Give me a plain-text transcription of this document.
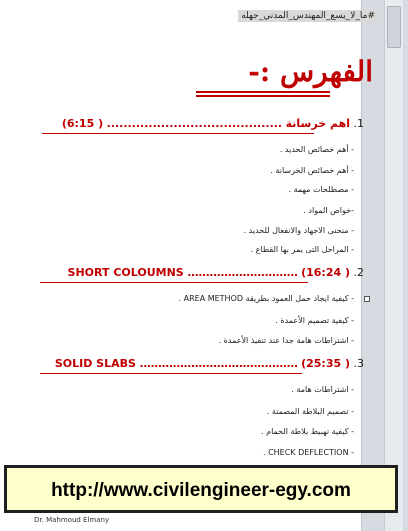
#ما_لا_يسع_المهندس_المدني_جهله
الفهرس :-
1. اهم خرسانة .......................................... ( 6:15)
- أهم خصائص الحديد .
- أهم خصائص الخرسانة .
- مصطلحات مهمة .
-خواص المواد .
- منحنى الاجهاد والانفعال للحديد .
- المراحل التى يمر بها القطاع .
2. SHORT COLOUMNS .............................. (16:24 )
- كيفية ايجاد حمل العمود بطريقة AREA METHOD .
- كيفية تصميم الأعمدة .
- اشتراطات هامة جدا عند تنفيذ الأعمدة .
3. SOLID SLABS ........................................... (25:35 )
- اشتراطات هامة .
- تصميم البلاطة المصمتة .
- كيفية تهبيط بلاطة الحمام .
- CHECK DEFLECTION .
Dr. Mahmoud Elmany
http://www.civilengineer-egy.com
